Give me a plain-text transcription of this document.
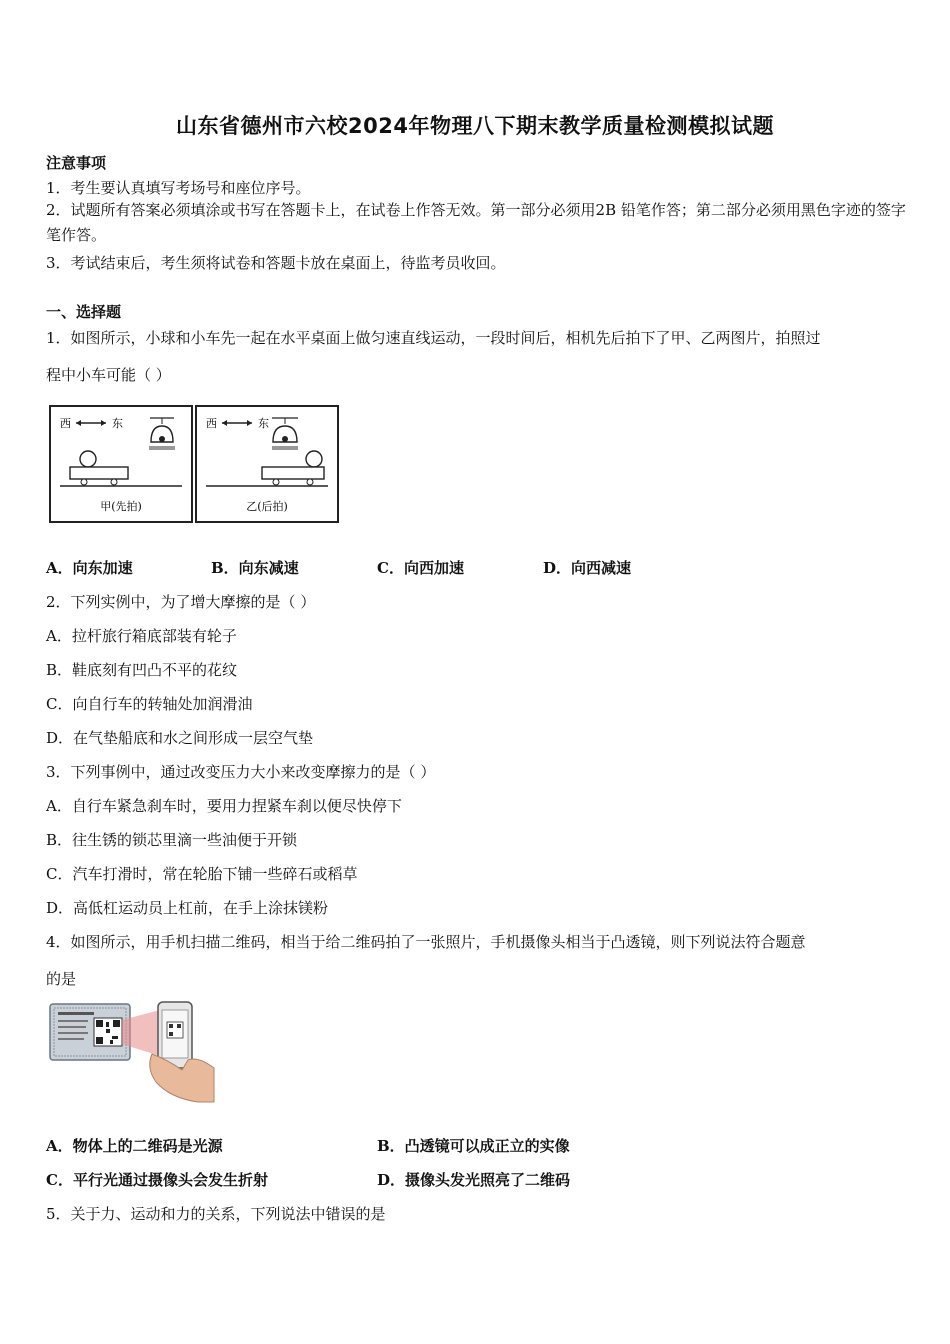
山东省德州市六校2024年物理八下期末教学质量检测模拟试题
注意事项
1．考生要认真填写考场号和座位序号。
2．试题所有答案必须填涂或书写在答题卡上，在试卷上作答无效。第一部分必须用2B 铅笔作答；第二部分必须用黑色字迹的签字笔作答。
3．考试结束后，考生须将试卷和答题卡放在桌面上，待监考员收回。
一、选择题
1．如图所示，小球和小车先一起在水平桌面上做匀速直线运动，一段时间后，相机先后拍下了甲、乙两图片，拍照过
程中小车可能（ ）
西	东
甲(先拍)
西	东
乙(后拍)
A．向东加速	B．向东减速	C．向西加速	D．向西减速
2．下列实例中，为了增大摩擦的是（ ）
A．拉杆旅行箱底部装有轮子
B．鞋底刻有凹凸不平的花纹
C．向自行车的转轴处加润滑油
D．在气垫船底和水之间形成一层空气垫
3．下列事例中，通过改变压力大小来改变摩擦力的是（ ）
A．自行车紧急刹车时，要用力捏紧车刹以便尽快停下
B．往生锈的锁芯里滴一些油便于开锁
C．汽车打滑时，常在轮胎下铺一些碎石或稻草
D．高低杠运动员上杠前，在手上涂抹镁粉
4．如图所示，用手机扫描二维码，相当于给二维码拍了一张照片，手机摄像头相当于凸透镜，则下列说法符合题意
的是
A．物体上的二维码是光源	B．凸透镜可以成正立的实像
C．平行光通过摄像头会发生折射	D．摄像头发光照亮了二维码
5．关于力、运动和力的关系，下列说法中错误的是
